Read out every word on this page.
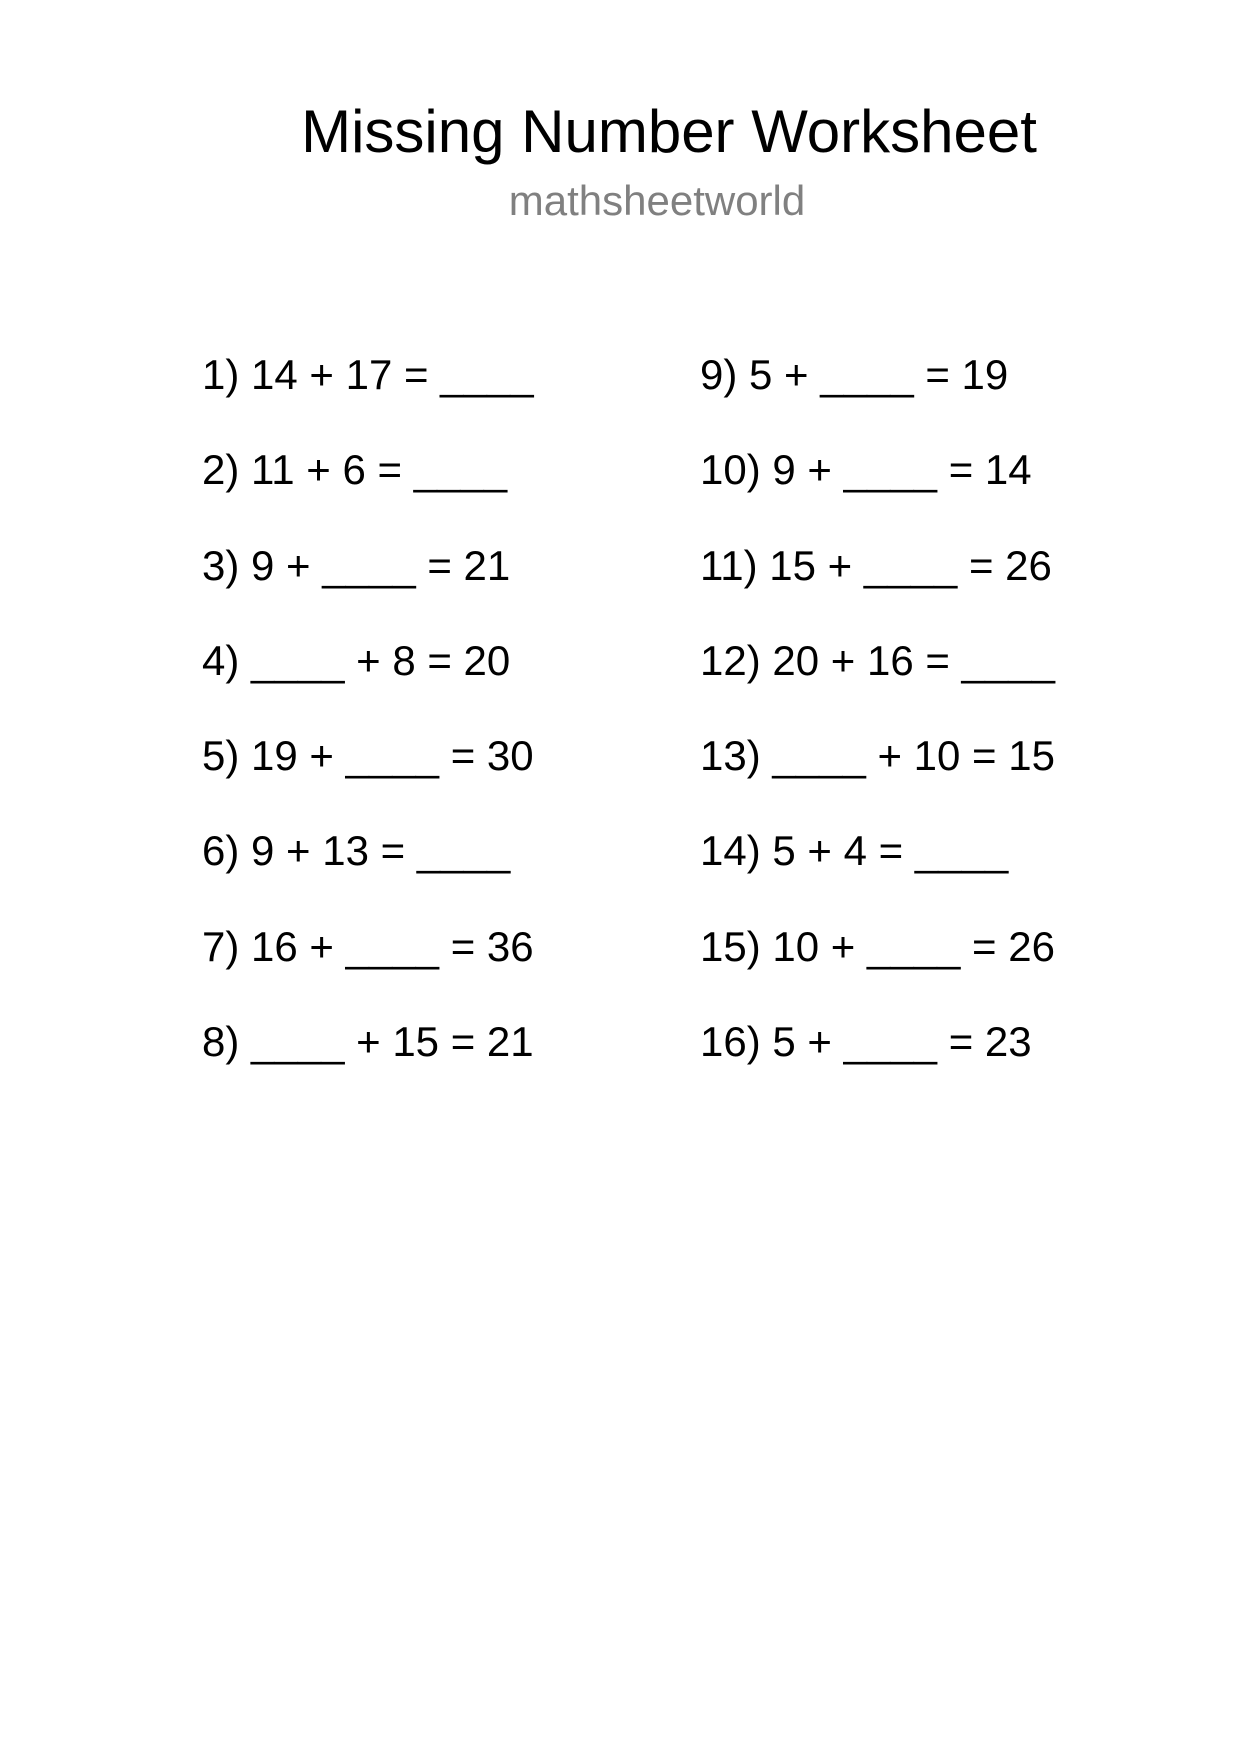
Missing Number Worksheet
mathsheetworld
1) 14 + 17 = ____
2) 11 + 6 = ____
3) 9 + ____ = 21
4) ____ + 8 = 20
5) 19 + ____ = 30
6) 9 + 13 = ____
7) 16 + ____ = 36
8) ____ + 15 = 21
9) 5 + ____ = 19
10) 9 + ____ = 14
11) 15 + ____ = 26
12) 20 + 16 = ____
13) ____ + 10 = 15
14) 5 + 4 = ____
15) 10 + ____ = 26
16) 5 + ____ = 23
